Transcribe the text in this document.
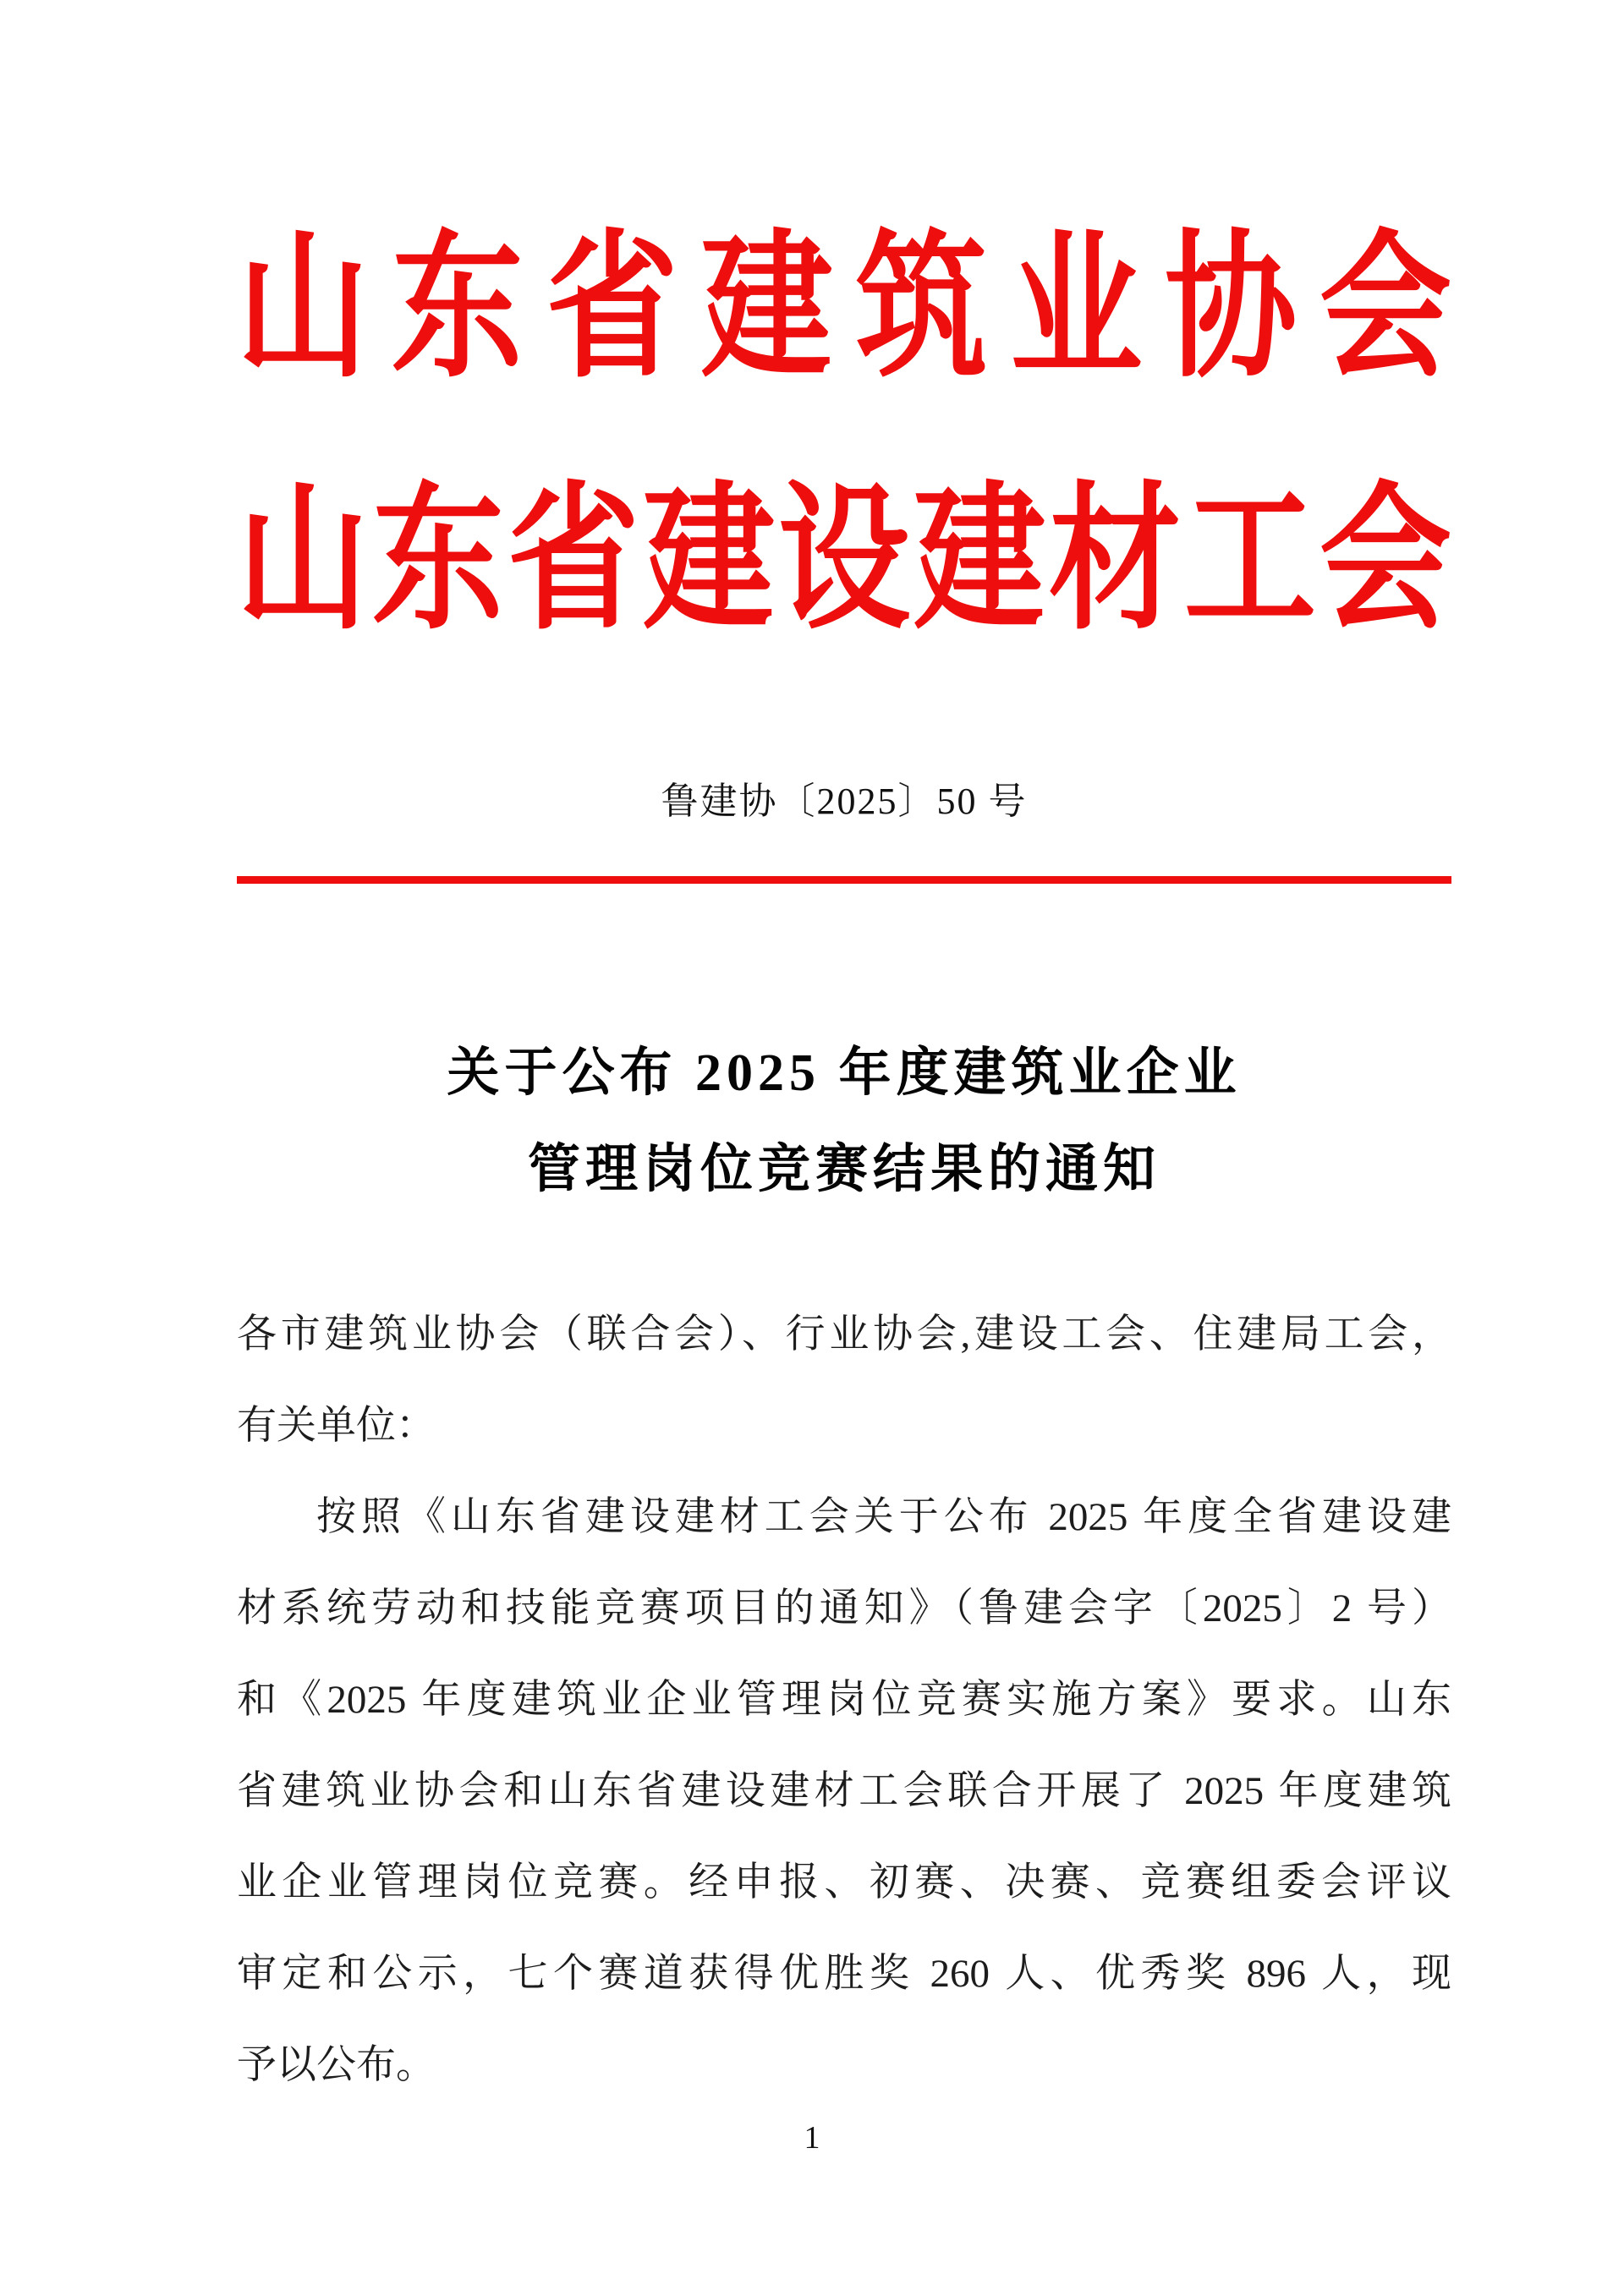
山东省建筑业协会
山东省建设建材工会
鲁建协〔2025〕50 号
关于公布 2025 年度建筑业企业
管理岗位竞赛结果的通知
各市建筑业协会（联合会）、行业协会,建设工会、住建局工会，
有关单位：
按照《山东省建设建材工会关于公布 2025 年度全省建设建
材系统劳动和技能竞赛项目的通知》（鲁建会字〔2025〕2 号）
和《2025 年度建筑业企业管理岗位竞赛实施方案》要求。山东
省建筑业协会和山东省建设建材工会联合开展了 2025 年度建筑
业企业管理岗位竞赛。经申报、初赛、决赛、竞赛组委会评议
审定和公示，七个赛道获得优胜奖 260 人、优秀奖 896 人，现
予以公布。
1
